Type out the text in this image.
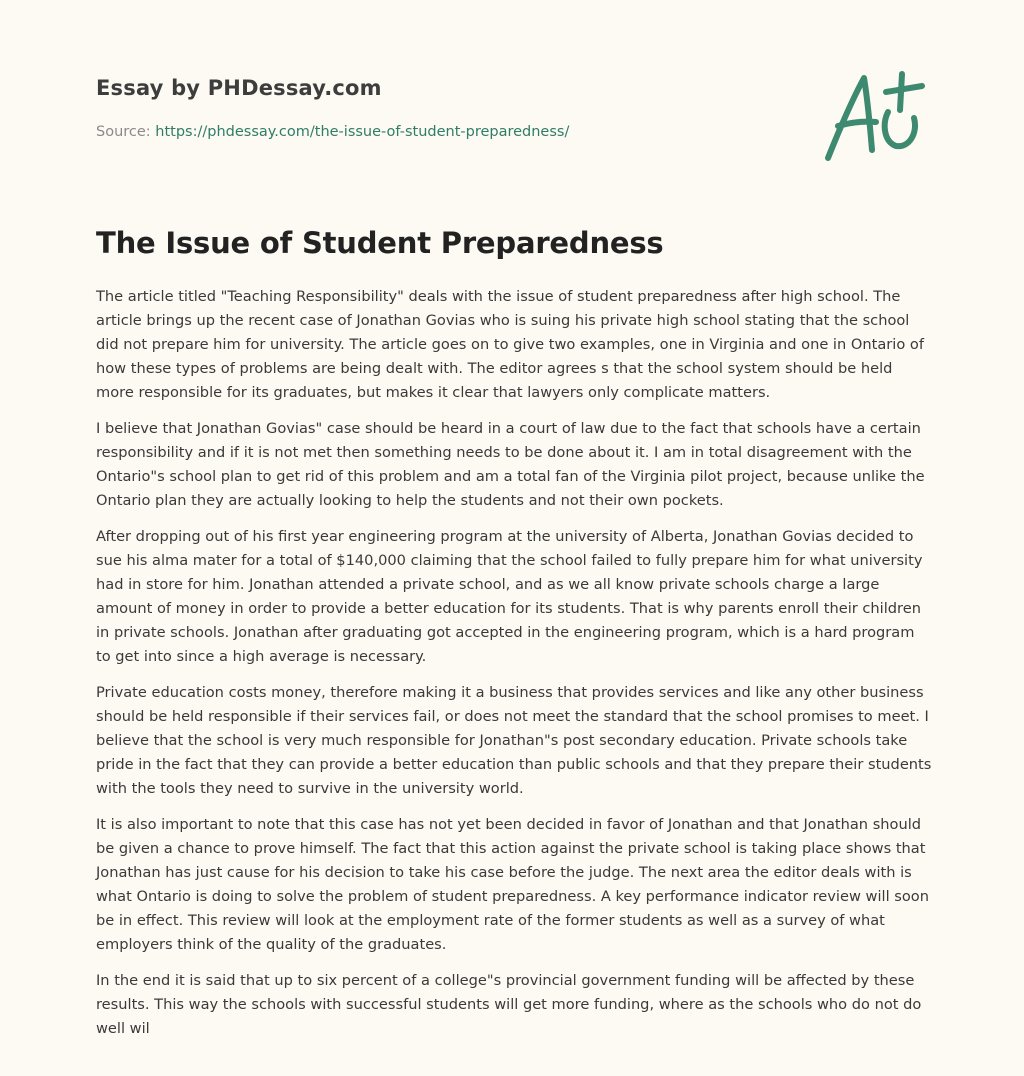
Essay by PHDessay.com

Source: https://phdessay.com/the-issue-of-student-preparedness/

The Issue of Student Preparedness

The article titled "Teaching Responsibility" deals with the issue of student preparedness after high school. The article brings up the recent case of Jonathan Govias who is suing his private high school stating that the school did not prepare him for university. The article goes on to give two examples, one in Virginia and one in Ontario of how these types of problems are being dealt with. The editor agrees s that the school system should be held more responsible for its graduates, but makes it clear that lawyers only complicate matters.

I believe that Jonathan Govias" case should be heard in a court of law due to the fact that schools have a certain responsibility and if it is not met then something needs to be done about it. I am in total disagreement with the Ontario"s school plan to get rid of this problem and am a total fan of the Virginia pilot project, because unlike the Ontario plan they are actually looking to help the students and not their own pockets.

After dropping out of his first year engineering program at the university of Alberta, Jonathan Govias decided to sue his alma mater for a total of $140,000 claiming that the school failed to fully prepare him for what university had in store for him. Jonathan attended a private school, and as we all know private schools charge a large amount of money in order to provide a better education for its students. That is why parents enroll their children in private schools. Jonathan after graduating got accepted in the engineering program, which is a hard program to get into since a high average is necessary.

Private education costs money, therefore making it a business that provides services and like any other business should be held responsible if their services fail, or does not meet the standard that the school promises to meet. I believe that the school is very much responsible for Jonathan"s post secondary education. Private schools take pride in the fact that they can provide a better education than public schools and that they prepare their students with the tools they need to survive in the university world.

It is also important to note that this case has not yet been decided in favor of Jonathan and that Jonathan should be given a chance to prove himself. The fact that this action against the private school is taking place shows that Jonathan has just cause for his decision to take his case before the judge. The next area the editor deals with is what Ontario is doing to solve the problem of student preparedness. A key performance indicator review will soon be in effect. This review will look at the employment rate of the former students as well as a survey of what employers think of the quality of the graduates.

In the end it is said that up to six percent of a college"s provincial government funding will be affected by these results. This way the schools with successful students will get more funding, where as the schools who do not do well wil
